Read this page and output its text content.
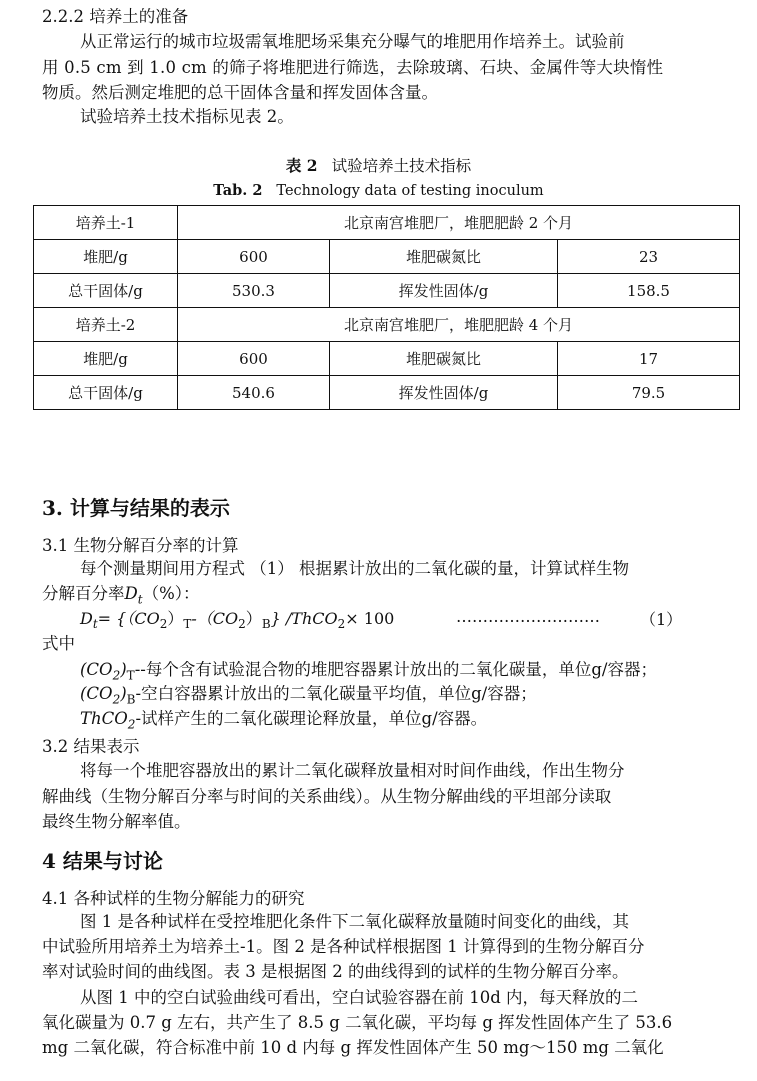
2.2.2 培养土的准备
从正常运行的城市垃圾需氧堆肥场采集充分曝气的堆肥用作培养土。试验前
用 0.5 cm 到 1.0 cm 的筛子将堆肥进行筛选，去除玻璃、石块、金属件等大块惰性
物质。然后测定堆肥的总干固体含量和挥发固体含量。
试验培养土技术指标见表 2。
表 2 试验培养土技术指标
Tab. 2 Technology data of testing inoculum
培养土-1	北京南宫堆肥厂，堆肥肥龄 2 个月		
堆肥/g	600	堆肥碳氮比	23
总干固体/g	530.3	挥发性固体/g	158.5
培养土-2	北京南宫堆肥厂，堆肥肥龄 4 个月		
堆肥/g	600	堆肥碳氮比	17
总干固体/g	540.6	挥发性固体/g	79.5
3. 计算与结果的表示
3.1 生物分解百分率的计算
每个测量期间用方程式 （1） 根据累计放出的二氧化碳的量，计算试样生物
分解百分率$D_t(\%)$：
$D_t= \{(CO_2)_T-(CO_2)_B\}$ /ThCO$_2$× 100	………………………	（1）
式中
$(CO_2)_T--$每个含有试验混合物的堆肥容器累计放出的二氧化碳量，单位g/容器；
$(CO_2)_B-$空白容器累计放出的二氧化碳量平均值，单位g/容器；
ThCO$_2$-试样产生的二氧化碳理论释放量，单位g/容器。
3.2 结果表示
将每一个堆肥容器放出的累计二氧化碳释放量相对时间作曲线，作出生物分
解曲线（生物分解百分率与时间的关系曲线）。从生物分解曲线的平坦部分读取
最终生物分解率值。
4 结果与讨论
4.1 各种试样的生物分解能力的研究
图 1 是各种试样在受控堆肥化条件下二氧化碳释放量随时间变化的曲线，其
中试验所用培养土为培养土-1。图 2 是各种试样根据图 1 计算得到的生物分解百分
率对试验时间的曲线图。表 3 是根据图 2 的曲线得到的试样的生物分解百分率。
从图 1 中的空白试验曲线可看出，空白试验容器在前 10d 内，每天释放的二
氧化碳量为 0.7 g 左右，共产生了 8.5 g 二氧化碳，平均每 g 挥发性固体产生了 53.6
mg 二氧化碳，符合标准中前 10 d 内每 g 挥发性固体产生 50 mg～150 mg 二氧化
